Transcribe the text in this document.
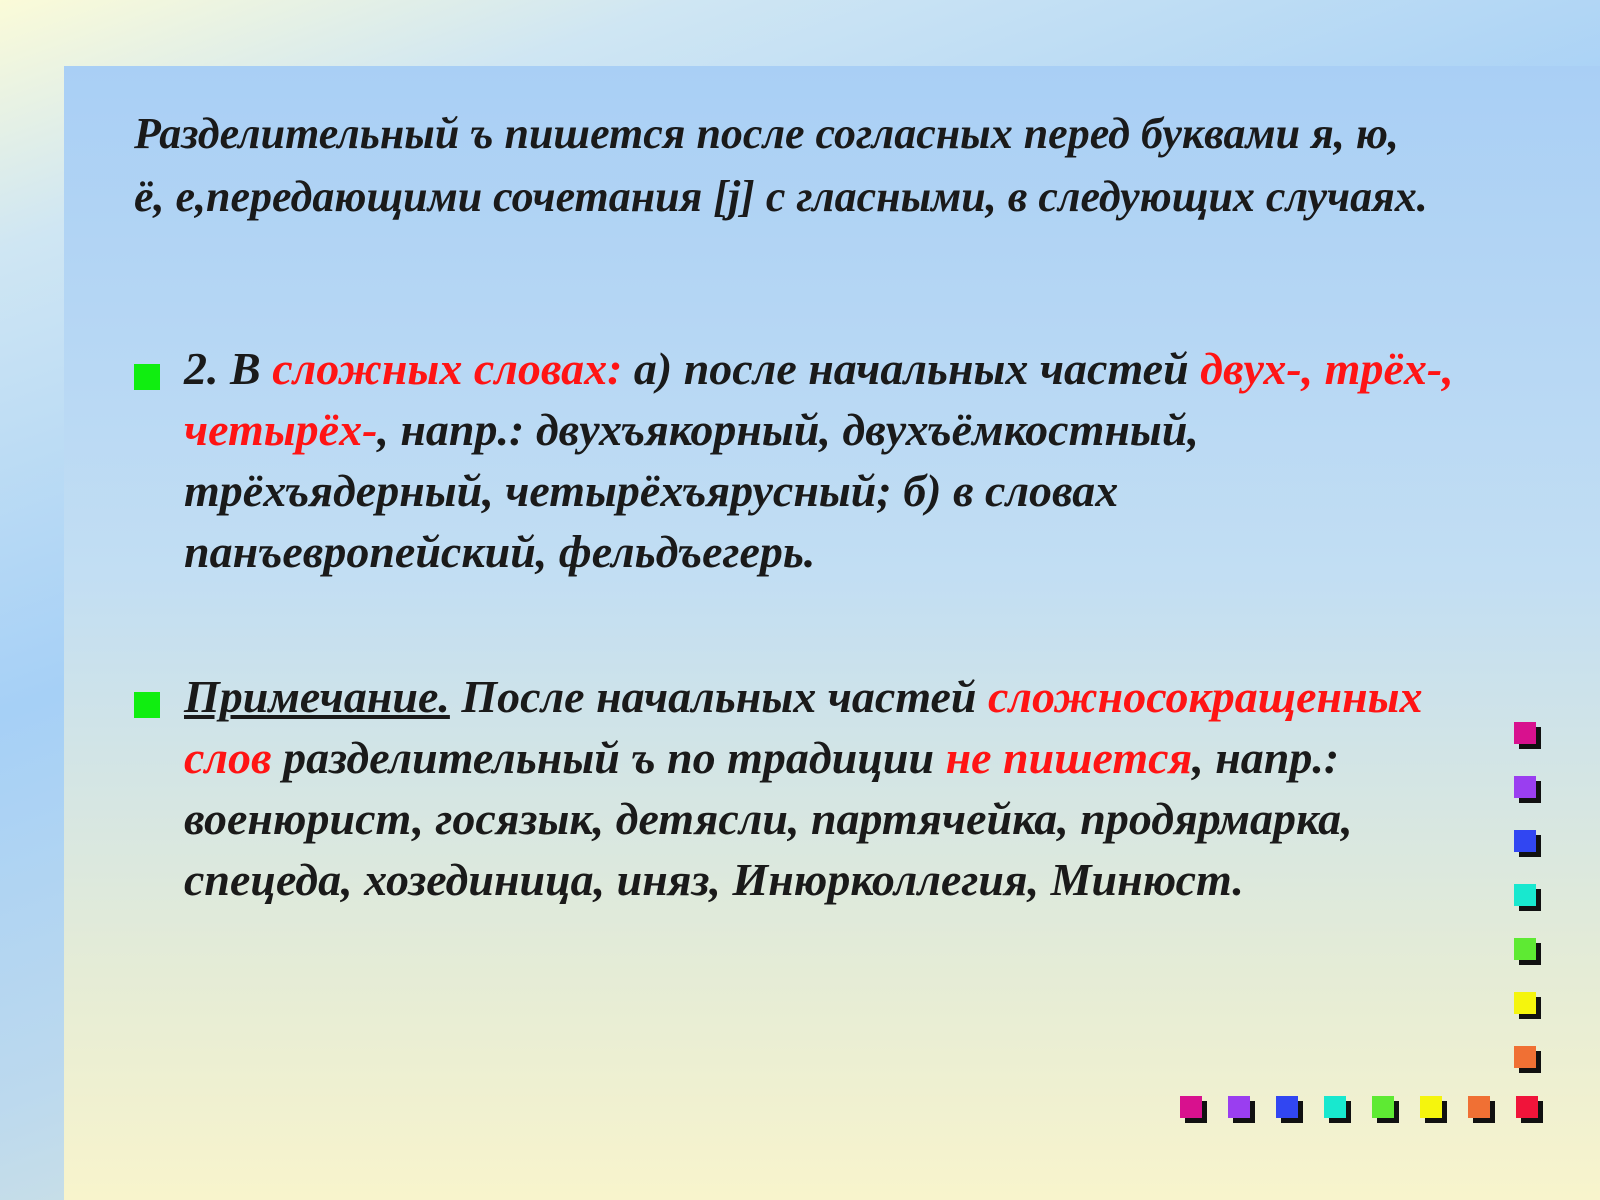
Разделительный ъ пишется после согласных перед буквами я, ю, ё, е,передающими сочетания [j] с гласными, в следующих случаях.

2. В сложных словах: а) после начальных частей двух-, трёх-, четырёх-, напр.: двухъякорный, двухъёмкостный, трёхъядерный, четырёхъярусный; б) в словах панъевропейский, фельдъегерь.

Примечание. После начальных частей сложносокращенных слов разделительный ъ по традиции не пишется, напр.: военюрист, госязык, детясли, партячейка, продярмарка, спецеда, хозединица, иняз, Инюрколлегия, Минюст.
